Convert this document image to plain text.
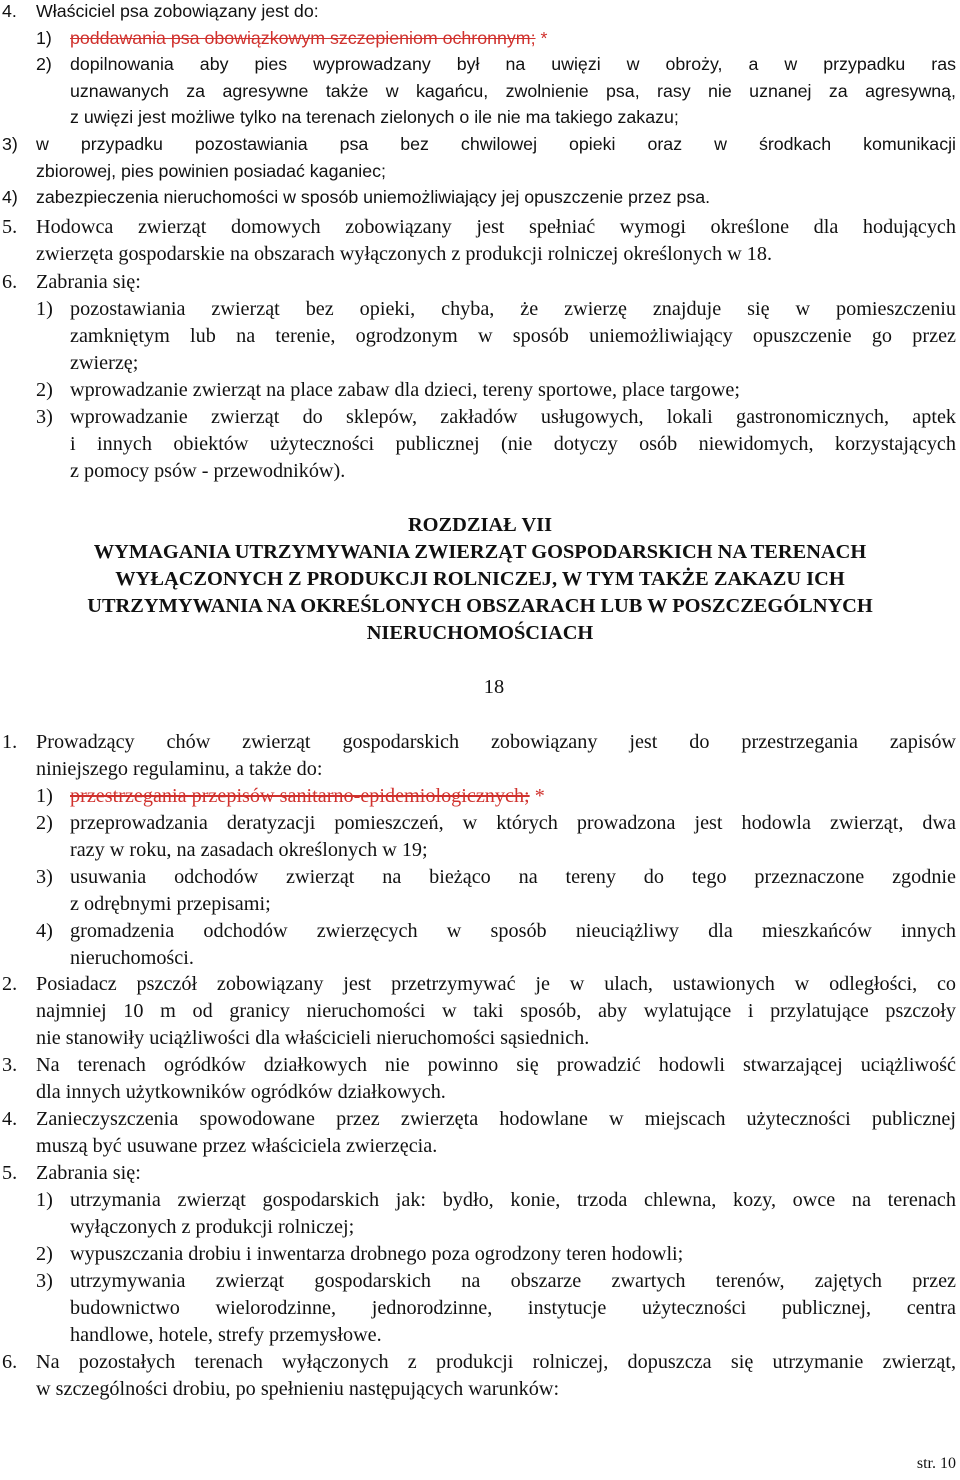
4.	Właściciel psa zobowiązany jest do:
1)	poddawania psa obowiązkowym szczepieniom ochronnym; *
2)	dopilnowania aby pies wyprowadzany był na uwięzi w obroży, a w przypadku ras
uznawanych za agresywne także w kagańcu, zwolnienie psa, rasy nie uznanej za agresywną,
z uwięzi jest możliwe tylko na terenach zielonych o ile nie ma takiego zakazu;
3)	w przypadku pozostawiania psa bez chwilowej opieki oraz w środkach komunikacji
zbiorowej, pies powinien posiadać kaganiec;
4)	zabezpieczenia nieruchomości w sposób uniemożliwiający jej opuszczenie przez psa.
5. Hodowca zwierząt domowych zobowiązany jest spełniać wymogi określone dla hodujących
zwierzęta gospodarskie na obszarach wyłączonych z produkcji rolniczej określonych w 18.
6. Zabrania się:
1) pozostawiania zwierząt bez opieki, chyba, że zwierzę znajduje się w pomieszczeniu
zamkniętym lub na terenie, ogrodzonym w sposób uniemożliwiający opuszczenie go przez
zwierzę;
2) wprowadzanie zwierząt na place zabaw dla dzieci, tereny sportowe, place targowe;
3) wprowadzanie zwierząt do sklepów, zakładów usługowych, lokali gastronomicznych, aptek
i innych obiektów użyteczności publicznej (nie dotyczy osób niewidomych, korzystających
z pomocy psów - przewodników).
ROZDZIAŁ VII
WYMAGANIA UTRZYMYWANIA ZWIERZĄT GOSPODARSKICH NA TERENACH
WYŁĄCZONYCH Z PRODUKCJI ROLNICZEJ, W TYM TAKŻE ZAKAZU ICH
UTRZYMYWANIA NA OKREŚLONYCH OBSZARACH LUB W POSZCZEGÓLNYCH
NIERUCHOMOŚCIACH
18
1. Prowadzący chów zwierząt gospodarskich zobowiązany jest do przestrzegania zapisów
niniejszego regulaminu, a także do:
1) przestrzegania przepisów sanitarno-epidemiologicznych; *
2) przeprowadzania deratyzacji pomieszczeń, w których prowadzona jest hodowla zwierząt, dwa
razy w roku, na zasadach określonych w 19;
3) usuwania odchodów zwierząt na bieżąco na tereny do tego przeznaczone zgodnie
z odrębnymi przepisami;
4) gromadzenia odchodów zwierzęcych w sposób nieuciążliwy dla mieszkańców innych
nieruchomości.
2. Posiadacz pszczół zobowiązany jest przetrzymywać je w ulach, ustawionych w odległości, co
najmniej 10 m od granicy nieruchomości w taki sposób, aby wylatujące i przylatujące pszczoły
nie stanowiły uciążliwości dla właścicieli nieruchomości sąsiednich.
3. Na terenach ogródków działkowych nie powinno się prowadzić hodowli stwarzającej uciążliwość
dla innych użytkowników ogródków działkowych.
4. Zanieczyszczenia spowodowane przez zwierzęta hodowlane w miejscach użyteczności publicznej
muszą być usuwane przez właściciela zwierzęcia.
5. Zabrania się:
1) utrzymania zwierząt gospodarskich jak: bydło, konie, trzoda chlewna, kozy, owce na terenach
wyłączonych z produkcji rolniczej;
2) wypuszczania drobiu i inwentarza drobnego poza ogrodzony teren hodowli;
3) utrzymywania zwierząt gospodarskich na obszarze zwartych terenów, zajętych przez
budownictwo wielorodzinne, jednorodzinne, instytucje użyteczności publicznej, centra
handlowe, hotele, strefy przemysłowe.
6. Na pozostałych terenach wyłączonych z produkcji rolniczej, dopuszcza się utrzymanie zwierząt,
w szczególności drobiu, po spełnieniu następujących warunków:
str. 10
